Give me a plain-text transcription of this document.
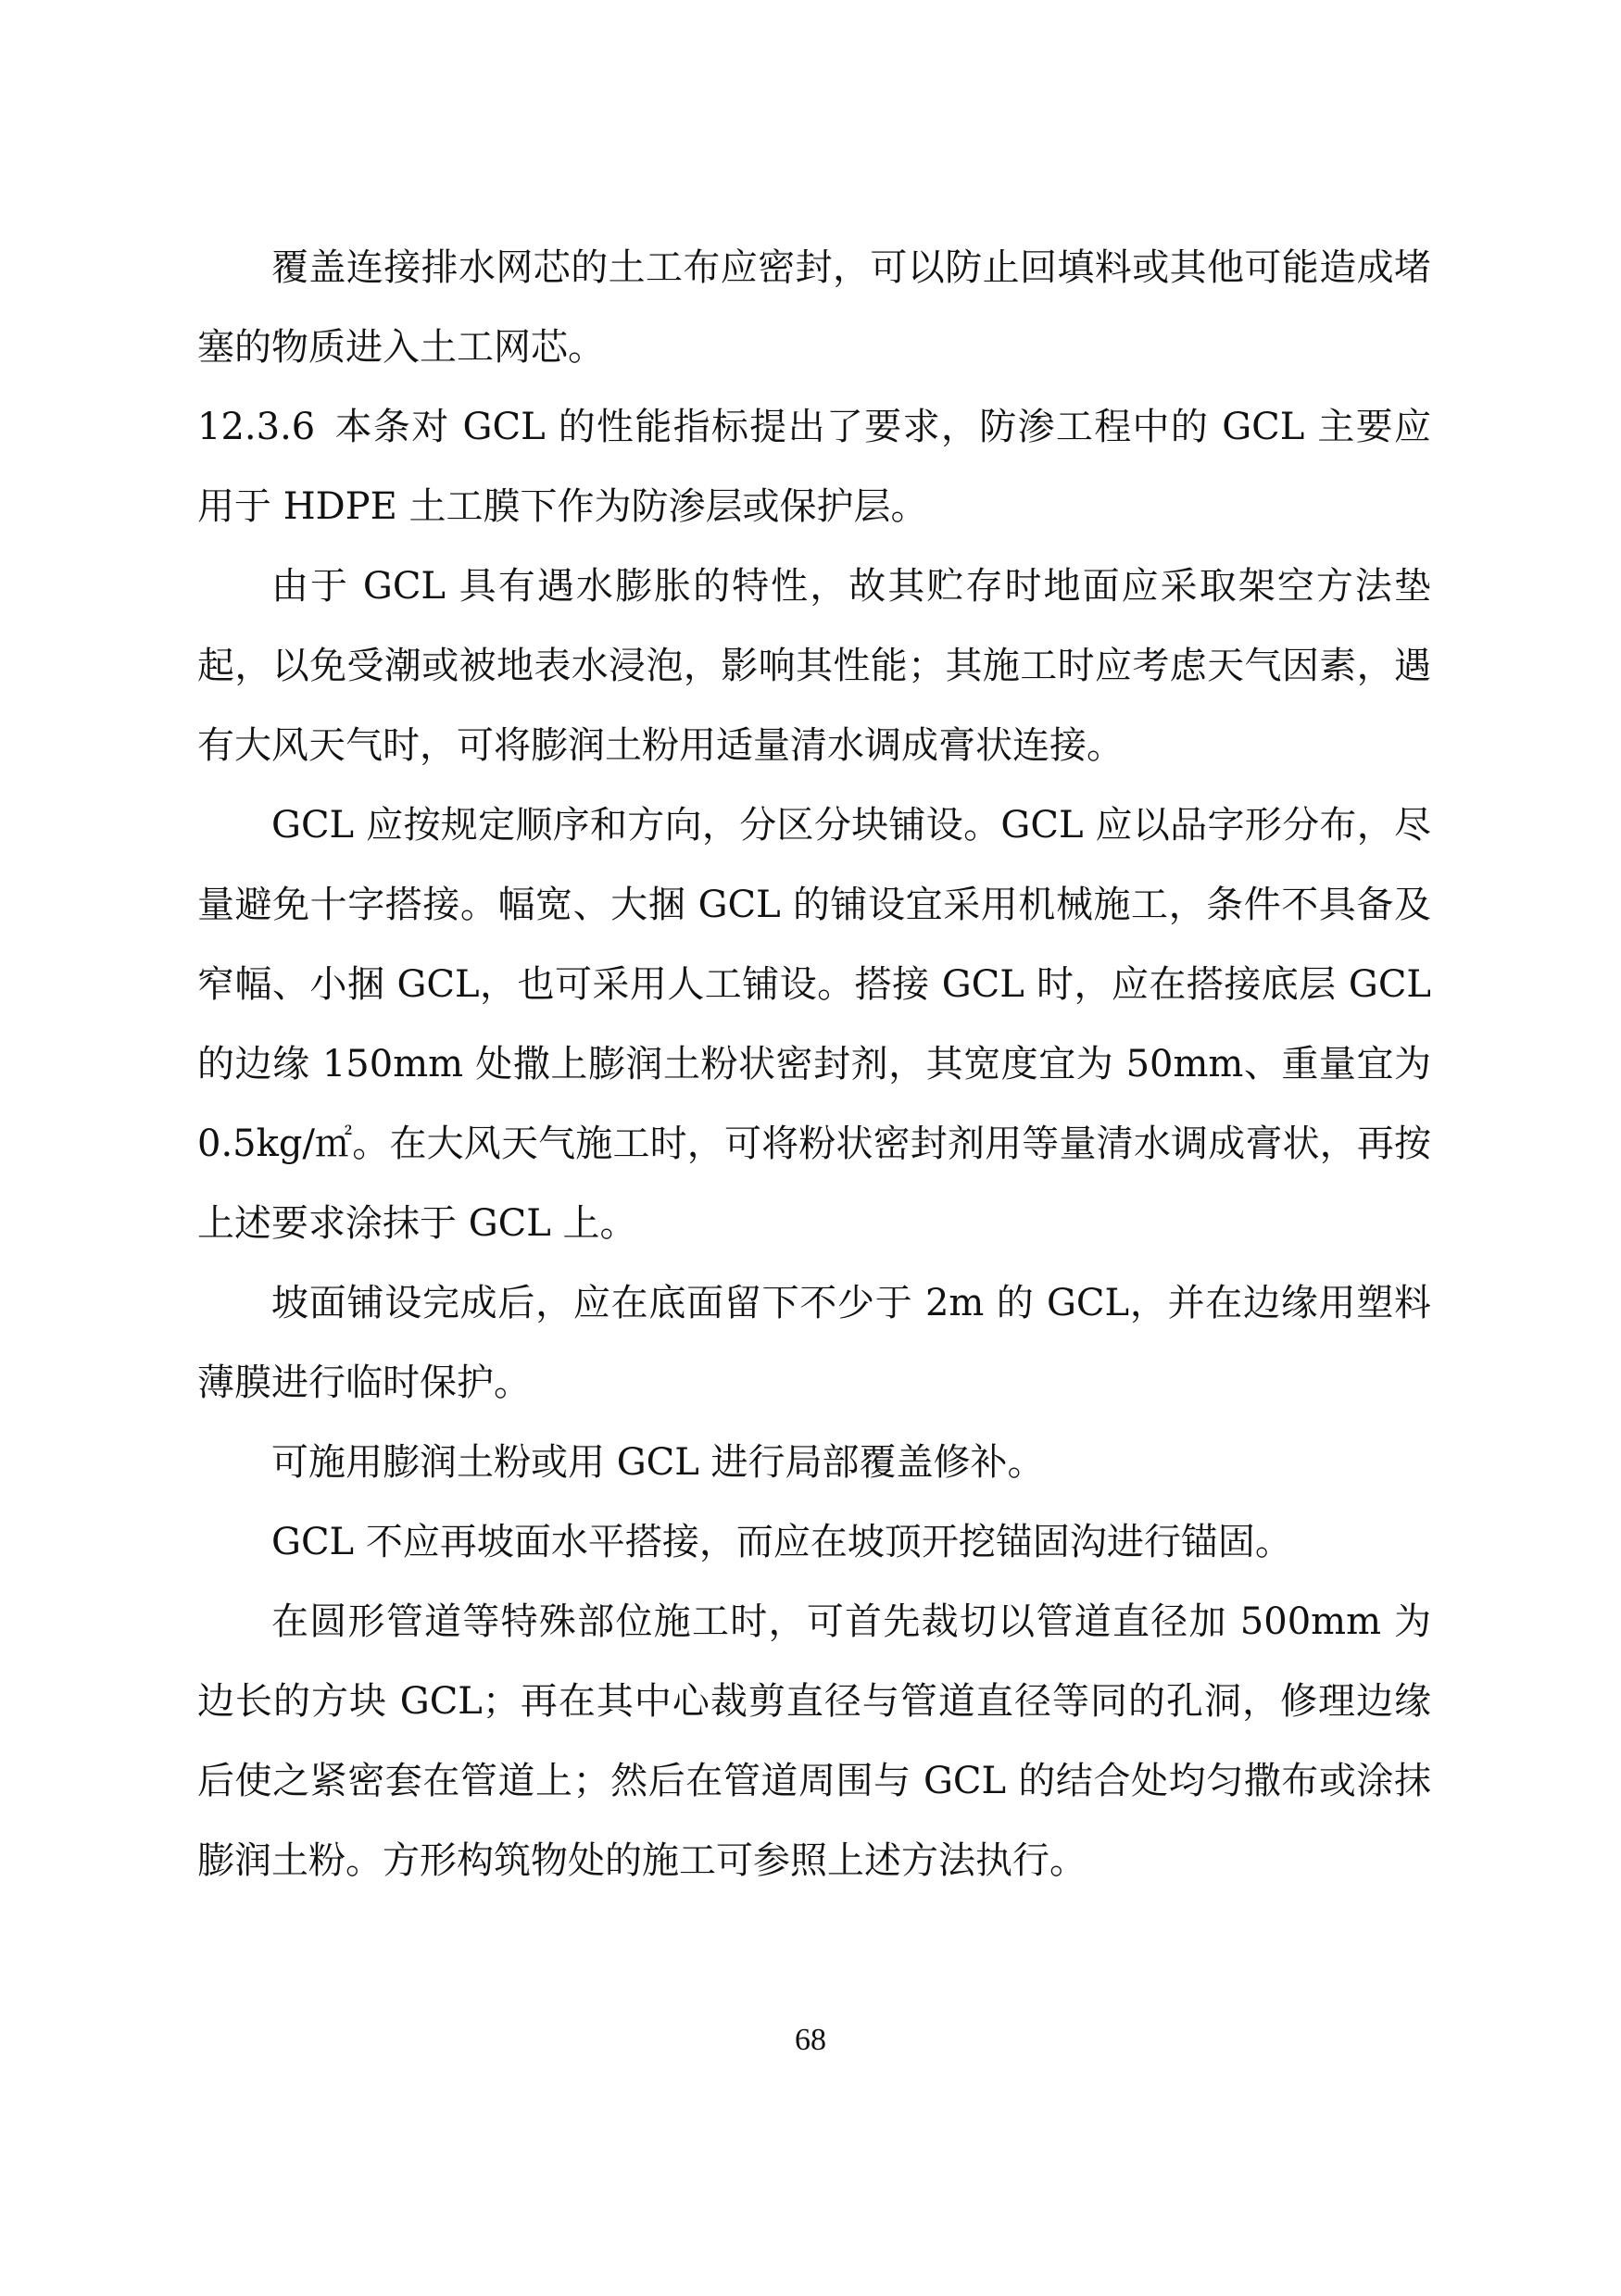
覆盖连接排水网芯的土工布应密封，可以防止回填料或其他可能造成堵塞的物质进入土工网芯。

12.3.6 本条对 GCL 的性能指标提出了要求，防渗工程中的 GCL 主要应用于 HDPE 土工膜下作为防渗层或保护层。

由于 GCL 具有遇水膨胀的特性，故其贮存时地面应采取架空方法垫起，以免受潮或被地表水浸泡，影响其性能；其施工时应考虑天气因素，遇有大风天气时，可将膨润土粉用适量清水调成膏状连接。

GCL 应按规定顺序和方向，分区分块铺设。GCL 应以品字形分布，尽量避免十字搭接。幅宽、大捆 GCL 的铺设宜采用机械施工，条件不具备及窄幅、小捆 GCL，也可采用人工铺设。搭接 GCL 时，应在搭接底层 GCL 的边缘 150mm 处撒上膨润土粉状密封剂，其宽度宜为 50mm、重量宜为 0.5kg/㎡。在大风天气施工时，可将粉状密封剂用等量清水调成膏状，再按上述要求涂抹于 GCL 上。

坡面铺设完成后，应在底面留下不少于 2m 的 GCL，并在边缘用塑料薄膜进行临时保护。

可施用膨润土粉或用 GCL 进行局部覆盖修补。

GCL 不应再坡面水平搭接，而应在坡顶开挖锚固沟进行锚固。

在圆形管道等特殊部位施工时，可首先裁切以管道直径加 500mm 为边长的方块 GCL；再在其中心裁剪直径与管道直径等同的孔洞，修理边缘后使之紧密套在管道上；然后在管道周围与 GCL 的结合处均匀撒布或涂抹膨润土粉。方形构筑物处的施工可参照上述方法执行。

68
